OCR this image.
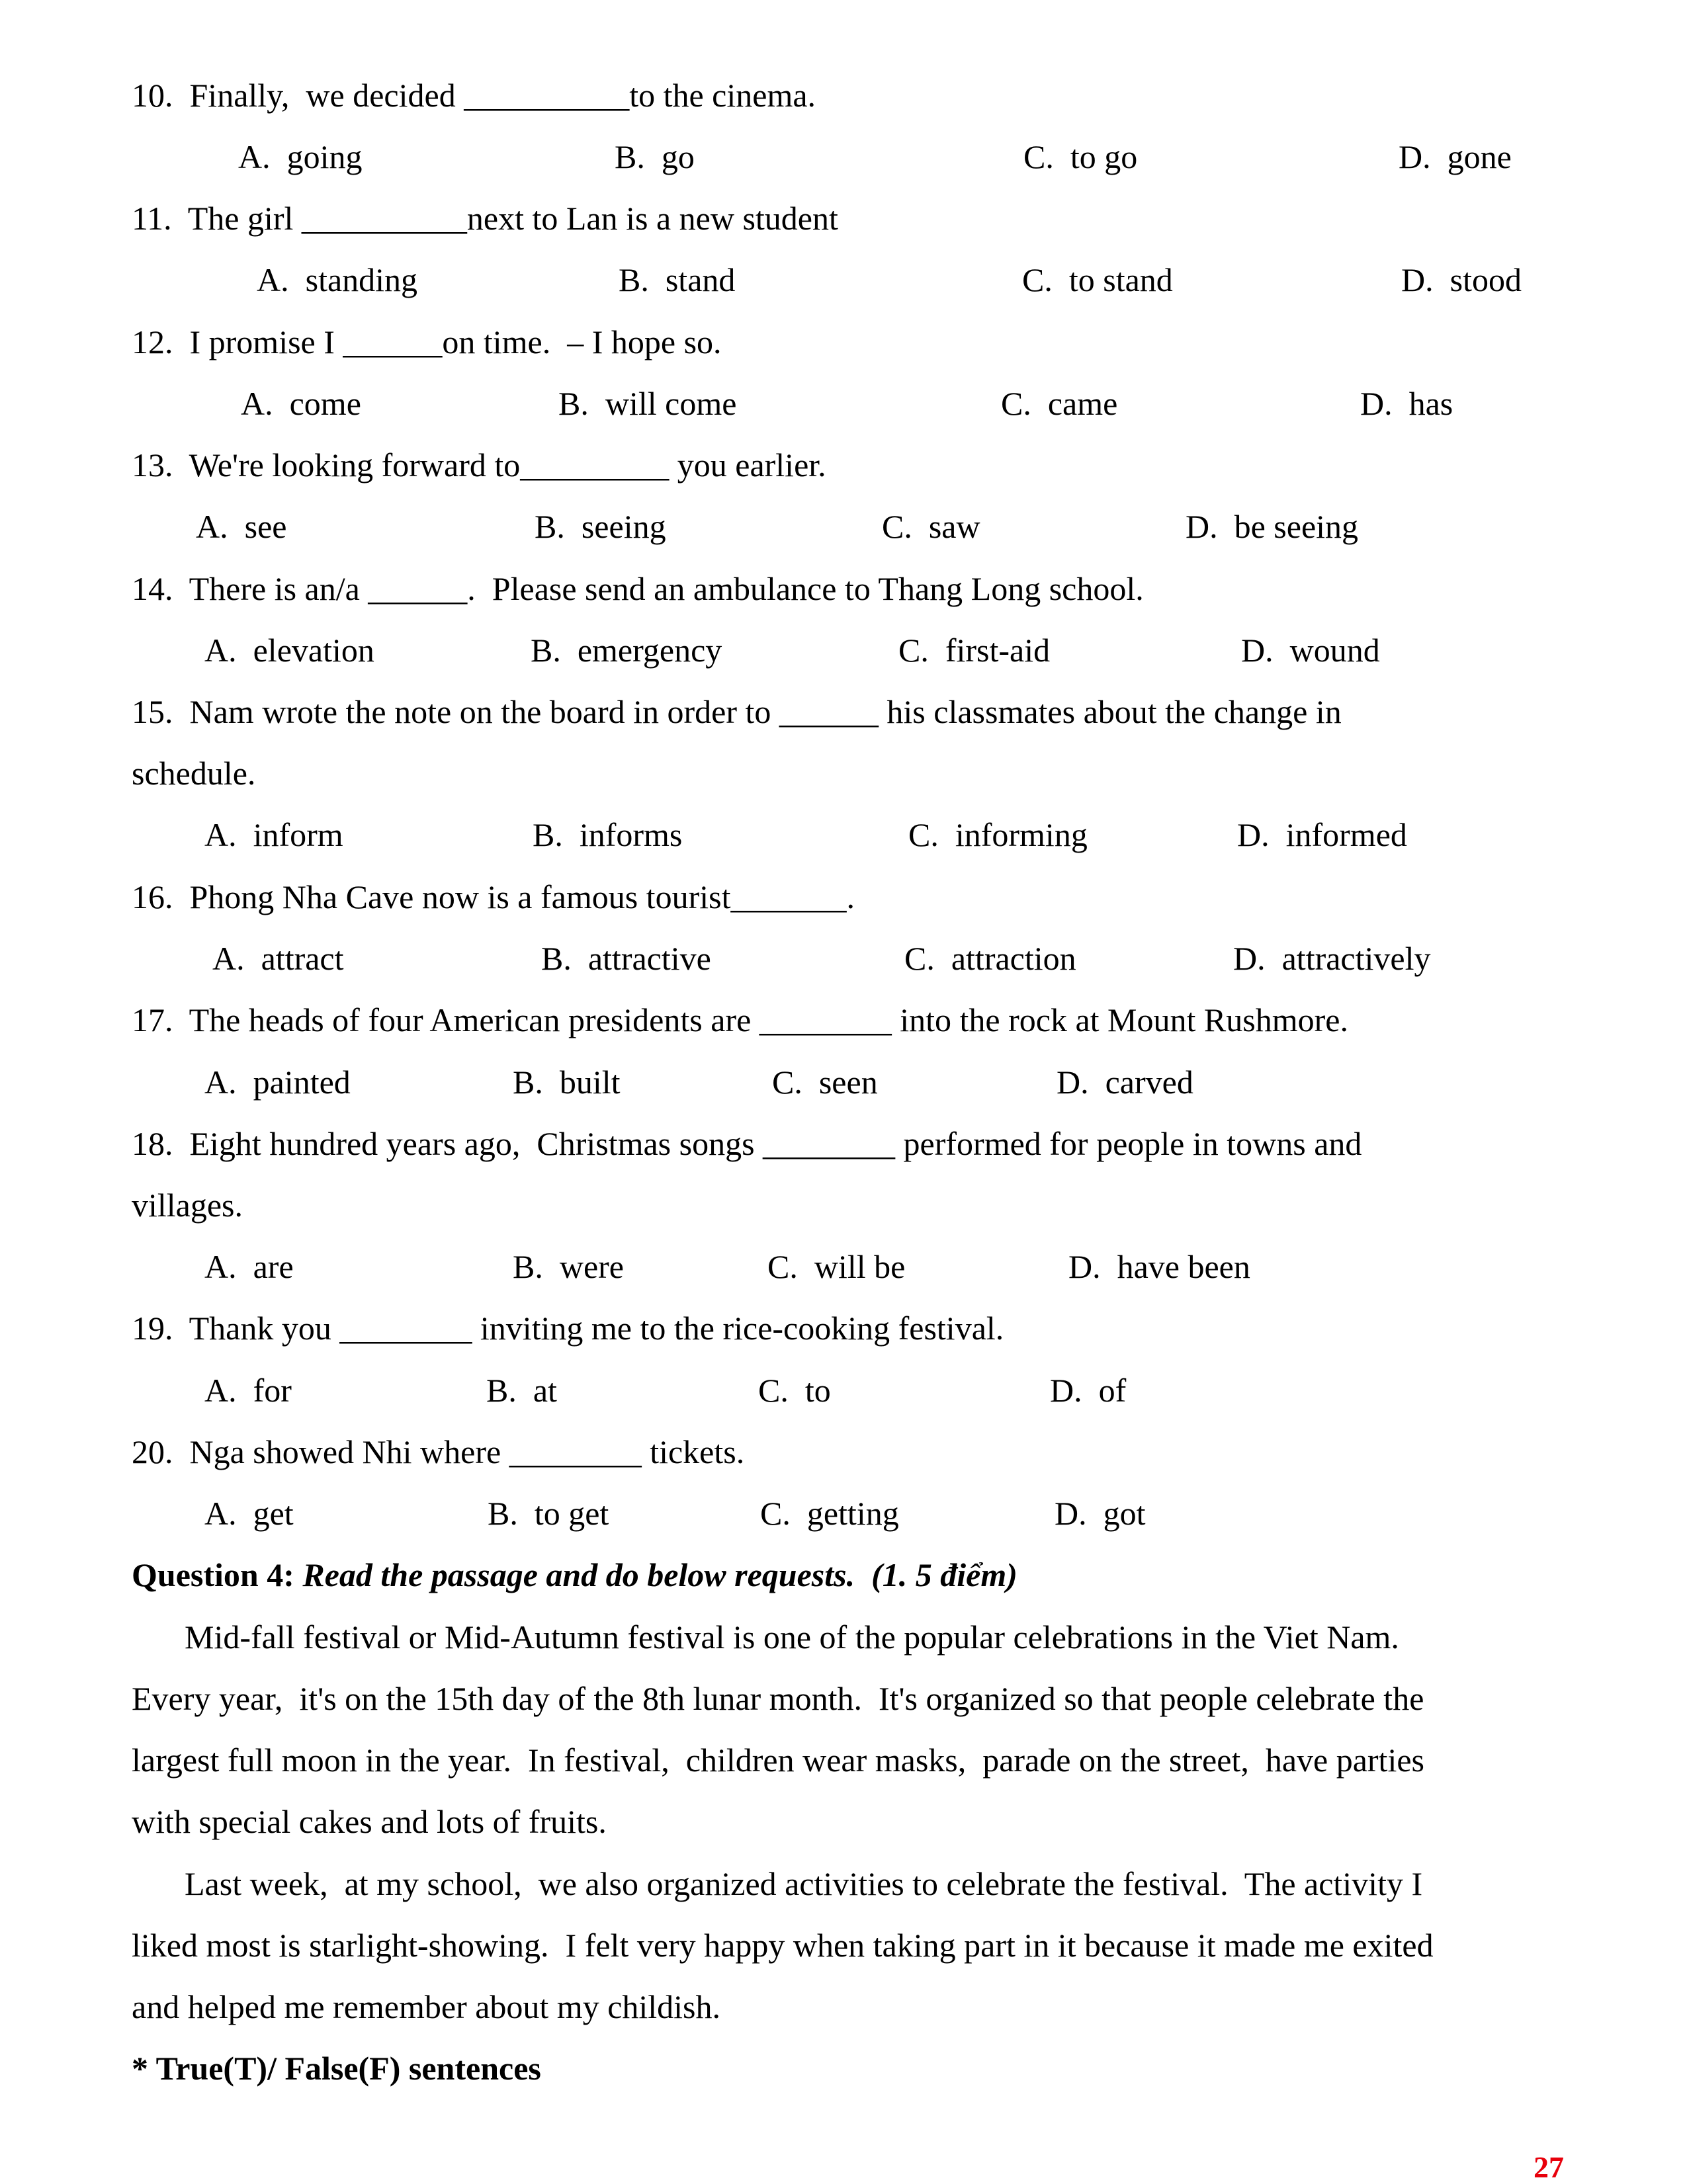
10.  Finally,  we decided __________to the cinema.
A.  going	B.  go	C.  to go	D.  gone
11.  The girl __________next to Lan is a new student
A.  standing	B.  stand	C.  to stand	D.  stood
12.  I promise I ______on time.  – I hope so.
A.  come	B.  will come	C.  came	D.  has
13.  We're looking forward to_________ you earlier.
A.  see	B.  seeing	C.  saw	D.  be seeing
14.  There is an/a ______.  Please send an ambulance to Thang Long school.
A.  elevation	B.  emergency	C.  first-aid	D.  wound
15.  Nam wrote the note on the board in order to ______ his classmates about the change in
schedule.
A.  inform	B.  informs	C.  informing	D.  informed
16.  Phong Nha Cave now is a famous tourist_______.
A.  attract	B.  attractive	C.  attraction	D.  attractively
17.  The heads of four American presidents are ________ into the rock at Mount Rushmore.
A.  painted	B.  built	C.  seen	D.  carved
18.  Eight hundred years ago,  Christmas songs ________ performed for people in towns and
villages.
A.  are	B.  were	C.  will be	D.  have been
19.  Thank you ________ inviting me to the rice-cooking festival.
A.  for	B.  at	C.  to	D.  of
20.  Nga showed Nhi where ________ tickets.
A.  get	B.  to get	C.  getting	D.  got
Question 4: Read the passage and do below requests.  (1. 5 điểm)
Mid-fall festival or Mid-Autumn festival is one of the popular celebrations in the Viet Nam.
Every year,  it's on the 15th day of the 8th lunar month.  It's organized so that people celebrate the
largest full moon in the year.  In festival,  children wear masks,  parade on the street,  have parties
with special cakes and lots of fruits.
Last week,  at my school,  we also organized activities to celebrate the festival.  The activity I
liked most is starlight-showing.  I felt very happy when taking part in it because it made me exited
and helped me remember about my childish.
* True(T)/ False(F) sentences
27
